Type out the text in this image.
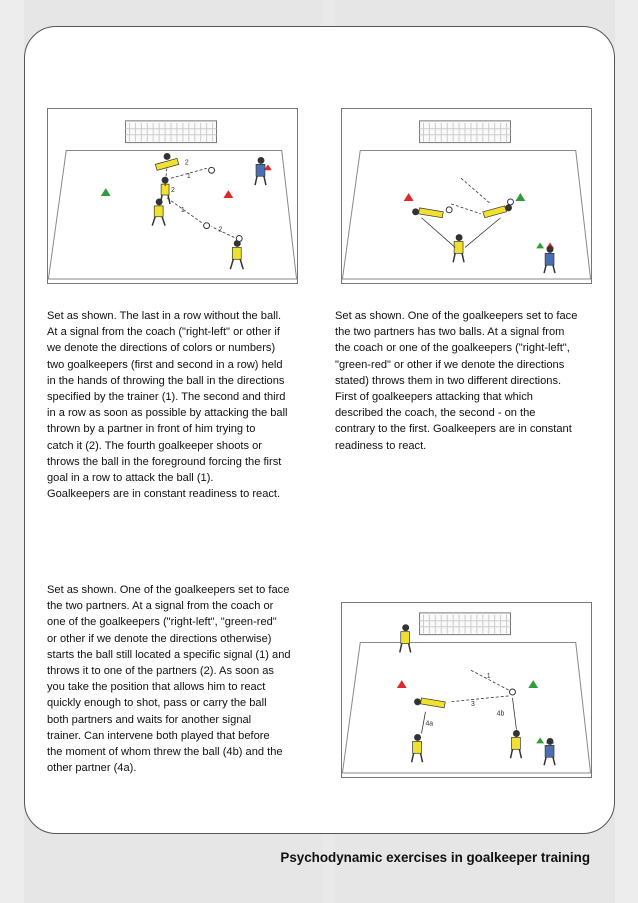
2
1
2
1
2
1
3
4b
4a

Set as shown. The last in a row without the ball.
At a signal from the coach ("right-left" or other if
we denote the directions of colors or numbers)
two goalkeepers (first and second in a row) held
in the hands of throwing the ball in the directions
specified by the trainer (1). The second and third
in a row as soon as possible by attacking the ball
thrown by a partner in front of him trying to
catch it (2). The fourth goalkeeper shoots or
throws the ball in the foreground forcing the first
goal in a row to attack the ball (1).
Goalkeepers are in constant readiness to react.

Set as shown. One of the goalkeepers set to face
the two partners has two balls. At a signal from
the coach or one of the goalkeepers ("right-left",
"green-red" or other if we denote the directions
stated) throws them in two different directions.
First of goalkeepers attacking that which
described the coach, the second - on the
contrary to the first. Goalkeepers are in constant
readiness to react.

Set as shown. One of the goalkeepers set to face
the two partners. At a signal from the coach or
one of the goalkeepers ("right-left", "green-red"
or other if we denote the directions otherwise)
starts the ball still located a specific signal (1) and
throws it to one of the partners (2). As soon as
you take the position that allows him to react
quickly enough to shot, pass or carry the ball
both partners and waits for another signal
trainer. Can intervene both played that before
the moment of whom threw the ball (4b) and the
other partner (4a).

Psychodynamic exercises in goalkeeper training
